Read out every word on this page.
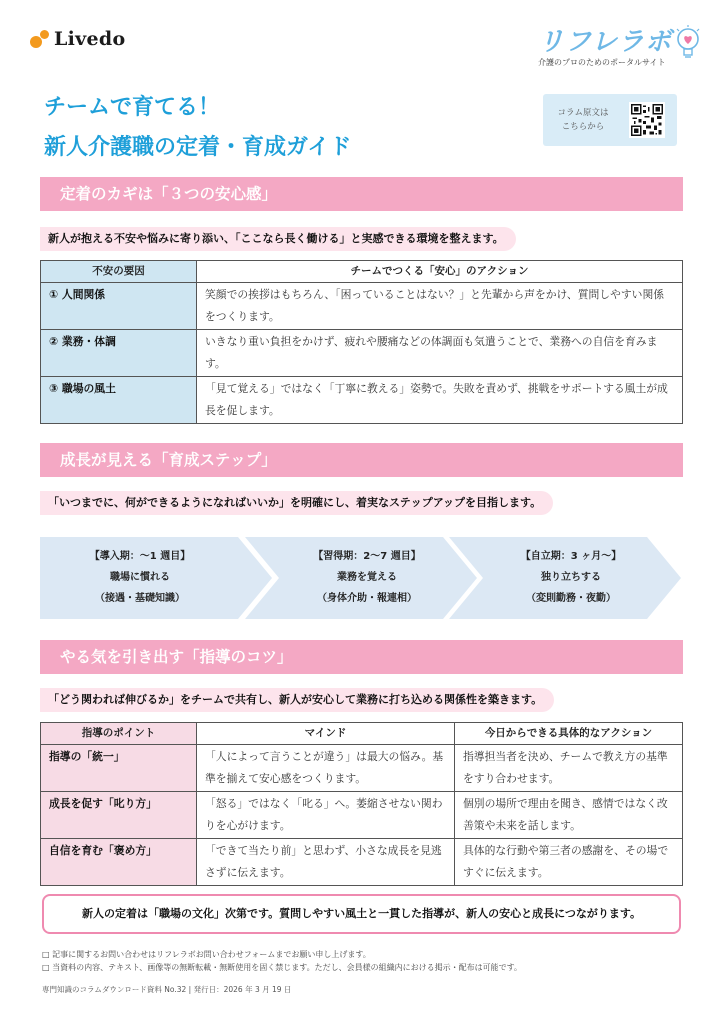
Livedo	リフレラボ
介護のプロのためのポータルサイト
チームで育てる！
新人介護職の定着・育成ガイド
コラム原文は
こちらから
定着のカギは「３つの安心感」
新人が抱える不安や悩みに寄り添い、「ここなら長く働ける」と実感できる環境を整えます。
不安の要因	チームでつくる「安心」のアクション
① 人間関係	笑顔での挨拶はもちろん、「困っていることはない？」と先輩から声をかけ、質問しやすい関係をつくります。
② 業務・体調	いきなり重い負担をかけず、疲れや腰痛などの体調面も気遣うことで、業務への自信を育みます。
③ 職場の風土	「見て覚える」ではなく「丁寧に教える」姿勢で。失敗を責めず、挑戦をサポートする風土が成長を促します。
成長が見える「育成ステップ」
「いつまでに、何ができるようになればいいか」を明確にし、着実なステップアップを目指します。
【導入期：～1 週目】
職場に慣れる
（接遇・基礎知識）
【習得期：2～7 週目】
業務を覚える
（身体介助・報連相）
【自立期：3 ヶ月～】
独り立ちする
（変則勤務・夜勤）
やる気を引き出す「指導のコツ」
「どう関われば伸びるか」をチームで共有し、新人が安心して業務に打ち込める関係性を築きます。
指導のポイント	マインド	今日からできる具体的なアクション
指導の「統一」	「人によって言うことが違う」は最大の悩み。基準を揃えて安心感をつくります。	指導担当者を決め、チームで教え方の基準をすり合わせます。
成長を促す「叱り方」	「怒る」ではなく「叱る」へ。萎縮させない関わりを心がけます。	個別の場所で理由を聞き、感情ではなく改善策や未来を話します。
自信を育む「褒め方」	「できて当たり前」と思わず、小さな成長を見逃さずに伝えます。	具体的な行動や第三者の感謝を、その場ですぐに伝えます。
新人の定着は「職場の文化」次第です。質問しやすい風土と一貫した指導が、新人の安心と成長につながります。
□ 記事に関するお問い合わせはリフレラボお問い合わせフォームまでお願い申し上げます。
□ 当資料の内容、テキスト、画像等の無断転載・無断使用を固く禁じます。ただし、会員様の組織内における掲示・配布は可能です。
専門知識のコラムダウンロード資料 No.32 | 発行日：2026 年 3 月 19 日
